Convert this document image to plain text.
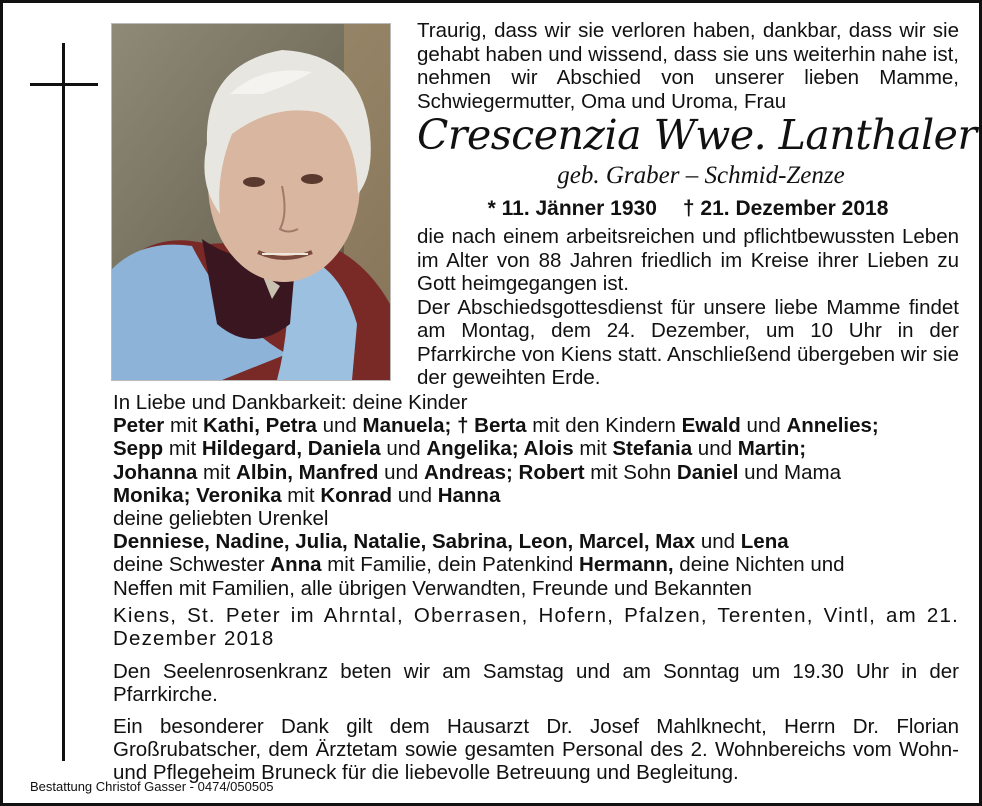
Traurig, dass wir sie verloren haben, dankbar, dass wir sie gehabt haben und wissend, dass sie uns weiterhin nahe ist, nehmen wir Abschied von unserer lieben Mamme, Schwiegermutter, Oma und Uroma, Frau
Crescenzia Wwe. Lanthaler
geb. Graber – Schmid-Zenze
* 11. Jänner 1930 † 21. Dezember 2018

die nach einem arbeitsreichen und pflichtbewussten Leben im Alter von 88 Jahren friedlich im Kreise ihrer Lieben zu Gott heimgegangen ist.

Der Abschiedsgottesdienst für unsere liebe Mamme findet am Montag, dem 24. Dezember, um 10 Uhr in der Pfarrkirche von Kiens statt. Anschließend übergeben wir sie der geweihten Erde.

In Liebe und Dankbarkeit: deine Kinder
Peter mit Kathi, Petra und Manuela; † Berta mit den Kindern Ewald und Annelies;
Sepp mit Hildegard, Daniela und Angelika; Alois mit Stefania und Martin;
Johanna mit Albin, Manfred und Andreas; Robert mit Sohn Daniel und Mama
Monika; Veronika mit Konrad und Hanna
deine geliebten Urenkel
Denniese, Nadine, Julia, Natalie, Sabrina, Leon, Marcel, Max und Lena
deine Schwester Anna mit Familie, dein Patenkind Hermann, deine Nichten und
Neffen mit Familien, alle übrigen Verwandten, Freunde und Bekannten
Kiens, St. Peter im Ahrntal, Oberrasen, Hofern, Pfalzen, Terenten, Vintl, am 21. Dezember 2018
Den Seelenrosenkranz beten wir am Samstag und am Sonntag um 19.30 Uhr in der Pfarrkirche.
Ein besonderer Dank gilt dem Hausarzt Dr. Josef Mahlknecht, Herrn Dr. Florian Großrubatscher, dem Ärztetam sowie gesamten Personal des 2. Wohnbereichs vom Wohn- und Pflegeheim Bruneck für die liebevolle Betreuung und Begleitung.
Bestattung Christof Gasser - 0474/050505
